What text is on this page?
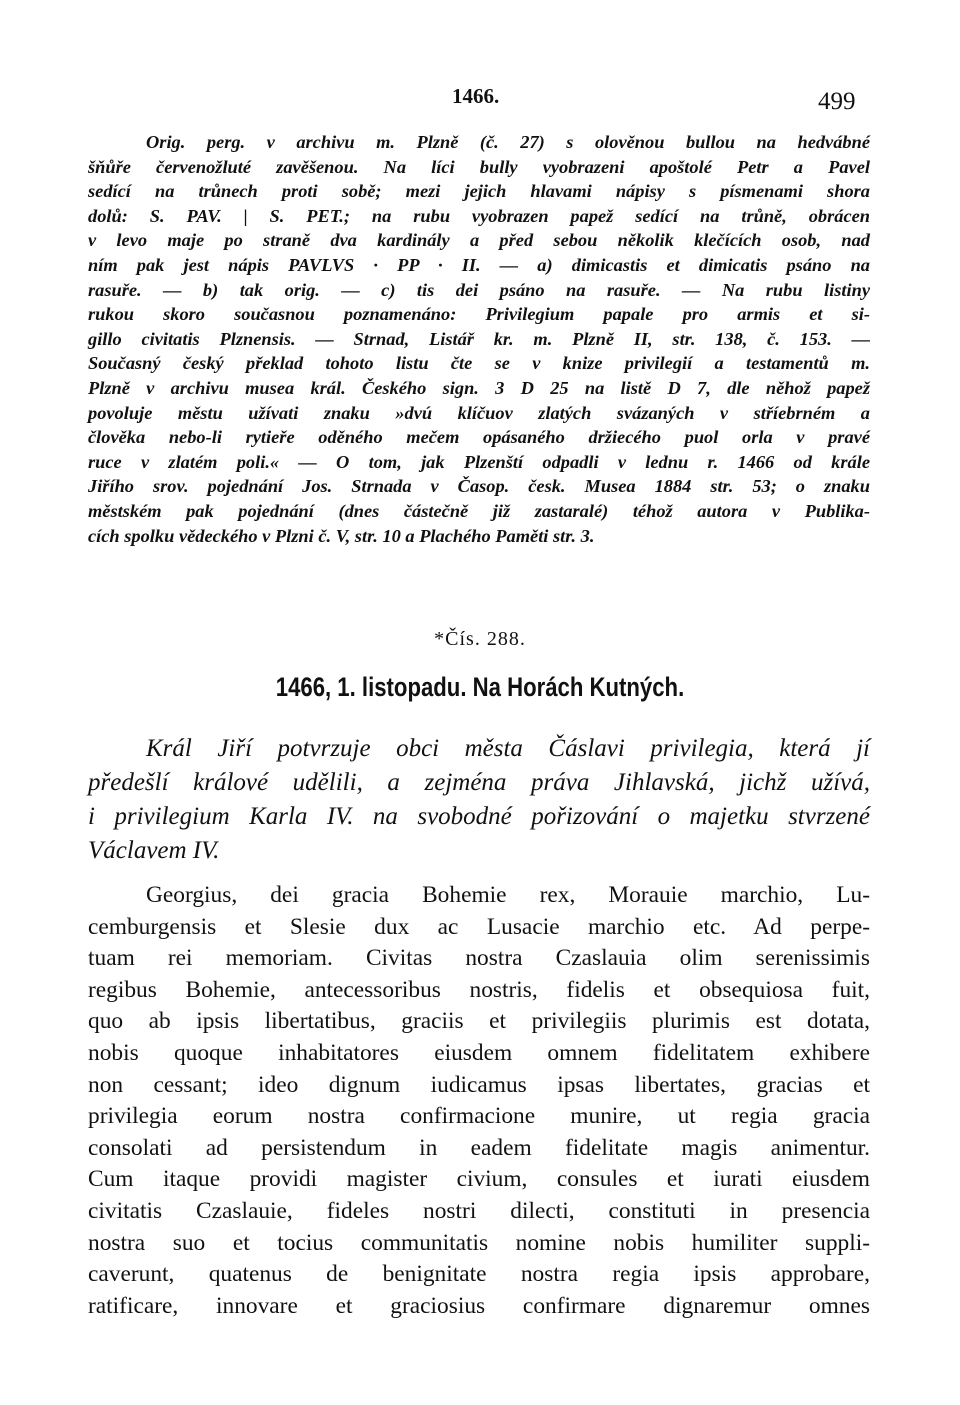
1466.	499
Orig. perg. v archivu m. Plzně (č. 27) s olověnou bullou na hedvábné
šňůře červenožluté zavěšenou. Na líci bully vyobrazeni apoštolé Petr a Pavel
sedící na trůnech proti sobě; mezi jejich hlavami nápisy s písmenami shora
dolů: S. PAV. | S. PET.; na rubu vyobrazen papež sedící na trůně, obrácen
v levo maje po straně dva kardinály a před sebou několik klečících osob, nad
ním pak jest nápis PAVLVS · PP · II. — a) dimicastis et dimicatis psáno na
rasuře. — b) tak orig. — c) tis dei psáno na rasuře. — Na rubu listiny
rukou skoro současnou poznamenáno: Privilegium papale pro armis et si-
gillo civitatis Plznensis. — Strnad, Listář kr. m. Plzně II, str. 138, č. 153. —
Současný český překlad tohoto listu čte se v knize privilegií a testamentů m.
Plzně v archivu musea král. Českého sign. 3 D 25 na listě D 7, dle něhož papež
povoluje městu užívati znaku »dvú klíčuov zlatých svázaných v stříebrném a
člověka nebo-li rytieře oděného mečem opásaného držiecého puol orla v pravé
ruce v zlatém poli.« — O tom, jak Plzenští odpadli v lednu r. 1466 od krále
Jiřího srov. pojednání Jos. Strnada v Časop. česk. Musea 1884 str. 53; o znaku
městském pak pojednání (dnes částečně již zastaralé) téhož autora v Publika-
cích spolku vědeckého v Plzni č. V, str. 10 a Plachého Paměti str. 3.
*Čís. 288.
1466, 1. listopadu. Na Horách Kutných.
Král Jiří potvrzuje obci města Čáslavi privilegia, která jí
předešlí králové udělili, a zejména práva Jihlavská, jichž užívá,
i privilegium Karla IV. na svobodné pořizování o majetku stvrzené
Václavem IV.
Georgius, dei gracia Bohemie rex, Morauie marchio, Lu-
cemburgensis et Slesie dux ac Lusacie marchio etc. Ad perpe-
tuam rei memoriam. Civitas nostra Czaslauia olim serenissimis
regibus Bohemie, antecessoribus nostris, fidelis et obsequiosa fuit,
quo ab ipsis libertatibus, graciis et privilegiis plurimis est dotata,
nobis quoque inhabitatores eiusdem omnem fidelitatem exhibere
non cessant; ideo dignum iudicamus ipsas libertates, gracias et
privilegia eorum nostra confirmacione munire, ut regia gracia
consolati ad persistendum in eadem fidelitate magis animentur.
Cum itaque providi magister civium, consules et iurati eiusdem
civitatis Czaslauie, fideles nostri dilecti, constituti in presencia
nostra suo et tocius communitatis nomine nobis humiliter suppli-
caverunt, quatenus de benignitate nostra regia ipsis approbare,
ratificare, innovare et graciosius confirmare dignaremur omnes
